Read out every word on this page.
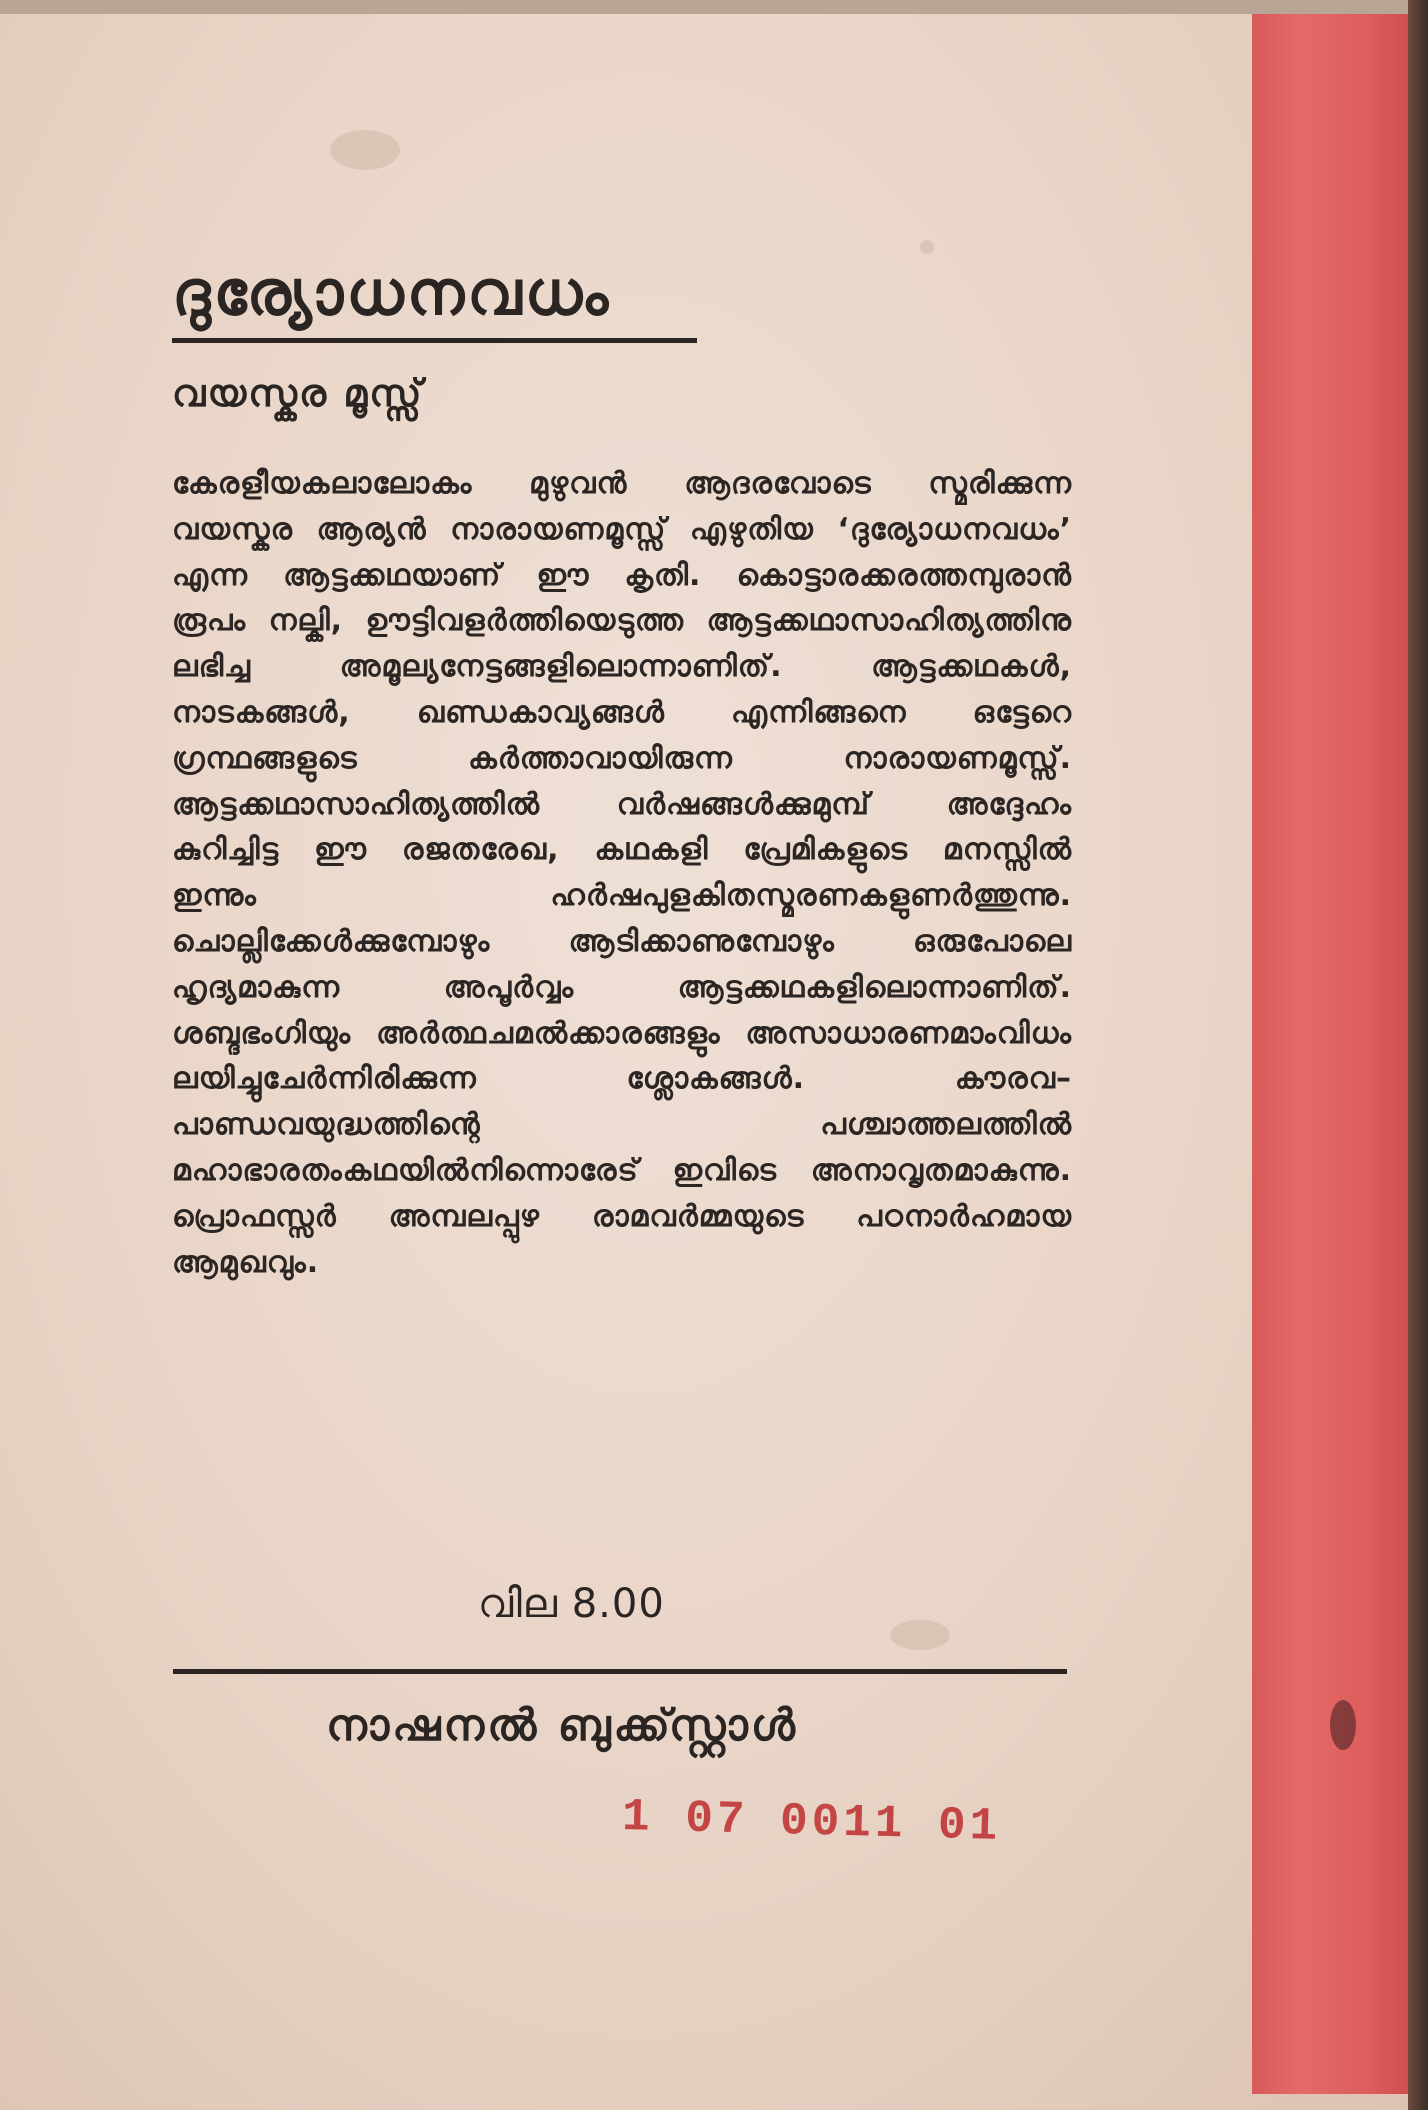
ദുര്യോധനവധം
വയസ്കര മൂസ്സ്

കേരളീയകലാലോകം മുഴുവൻ ആദരവോടെ സ്മരിക്കുന്ന വയസ്കര ആര്യൻ നാരായണമൂസ്സ് എഴുതിയ ‘ദുര്യോധനവധം’ എന്ന ആട്ടക്കഥയാണ് ഈ കൃതി. കൊട്ടാരക്കരത്തമ്പുരാൻ രൂപം നല്കി, ഊട്ടിവളർത്തിയെടുത്ത ആട്ടക്കഥാസാഹിത്യത്തിനു ലഭിച്ച അമൂല്യനേട്ടങ്ങളിലൊന്നാണിത്. ആട്ടക്കഥകൾ, നാടകങ്ങൾ, ഖണ്ഡകാവ്യങ്ങൾ എന്നിങ്ങനെ ഒട്ടേറെ ഗ്രന്ഥങ്ങളുടെ കർത്താവായിരുന്ന നാരായണമൂസ്സ്. ആട്ടക്കഥാസാഹിത്യത്തിൽ വർഷങ്ങൾക്കുമുമ്പ് അദ്ദേഹം കുറിച്ചിട്ട ഈ രജതരേഖ, കഥകളി പ്രേമികളുടെ മനസ്സിൽ ഇന്നും ഹർഷപുളകിതസ്മരണകളുണർത്തുന്നു. ചൊല്ലിക്കേൾക്കുമ്പോഴും ആടിക്കാണുമ്പോഴും ഒരുപോലെ ഹൃദ്യമാകുന്ന അപൂർവ്വം ആട്ടക്കഥകളിലൊന്നാണിത്. ശബ്ദഭംഗിയും അർത്ഥചമൽക്കാരങ്ങളും അസാധാരണമാംവിധം ലയിച്ചുചേർന്നിരിക്കുന്ന ശ്ലോകങ്ങൾ. കൗരവ–പാണ്ഡവയുദ്ധത്തിന്റെ പശ്ചാത്തലത്തിൽ മഹാഭാരതംകഥയിൽനിന്നൊരേട് ഇവിടെ അനാവൃതമാകുന്നു. പ്രൊഫസ്സർ അമ്പലപ്പുഴ രാമവർമ്മയുടെ പഠനാർഹമായ ആമുഖവും.

വില 8.00
നാഷനൽ ബുക്ക്സ്റ്റാൾ
1 07 0011 01
